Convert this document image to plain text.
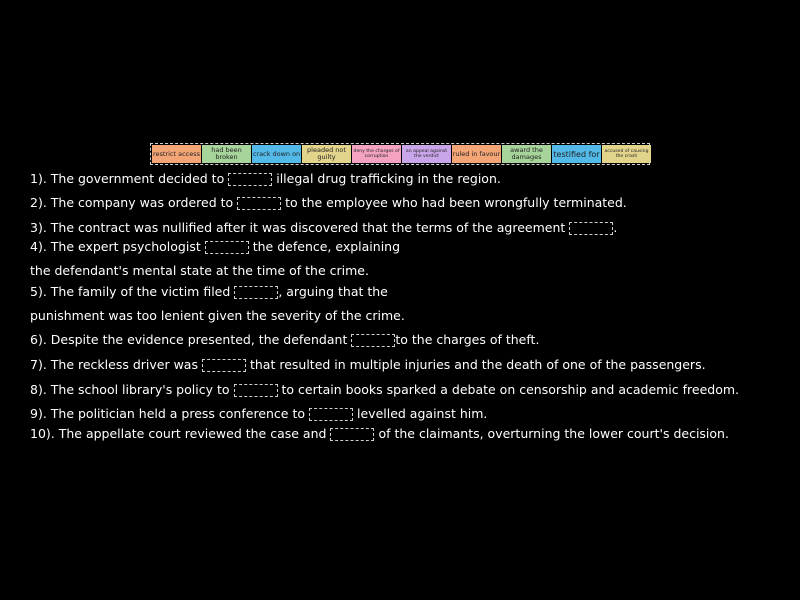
restrict access	had been broken	crack down on	pleaded not guilty
deny the charges of corruption
an appeal against the verdict	ruled in favour	award the damages	testified for	accused of causing the crash
1). The government decided to	illegal drug trafficking in the region.
2). The company was ordered to	to the employee who had been wrongfully terminated.
3). The contract was nullified after it was discovered that the terms of the agreement	.
4). The expert psychologist	the defence, explaining
the defendant's mental state at the time of the crime.
5). The family of the victim filed	, arguing that the
punishment was too lenient given the severity of the crime.
6). Despite the evidence presented, the defendant	to the charges of theft.
7). The reckless driver was	that resulted in multiple injuries and the death of one of the passengers.
8). The school library's policy to	to certain books sparked a debate on censorship and academic freedom.
9). The politician held a press conference to	levelled against him.
10). The appellate court reviewed the case and	of the claimants, overturning the lower court's decision.
